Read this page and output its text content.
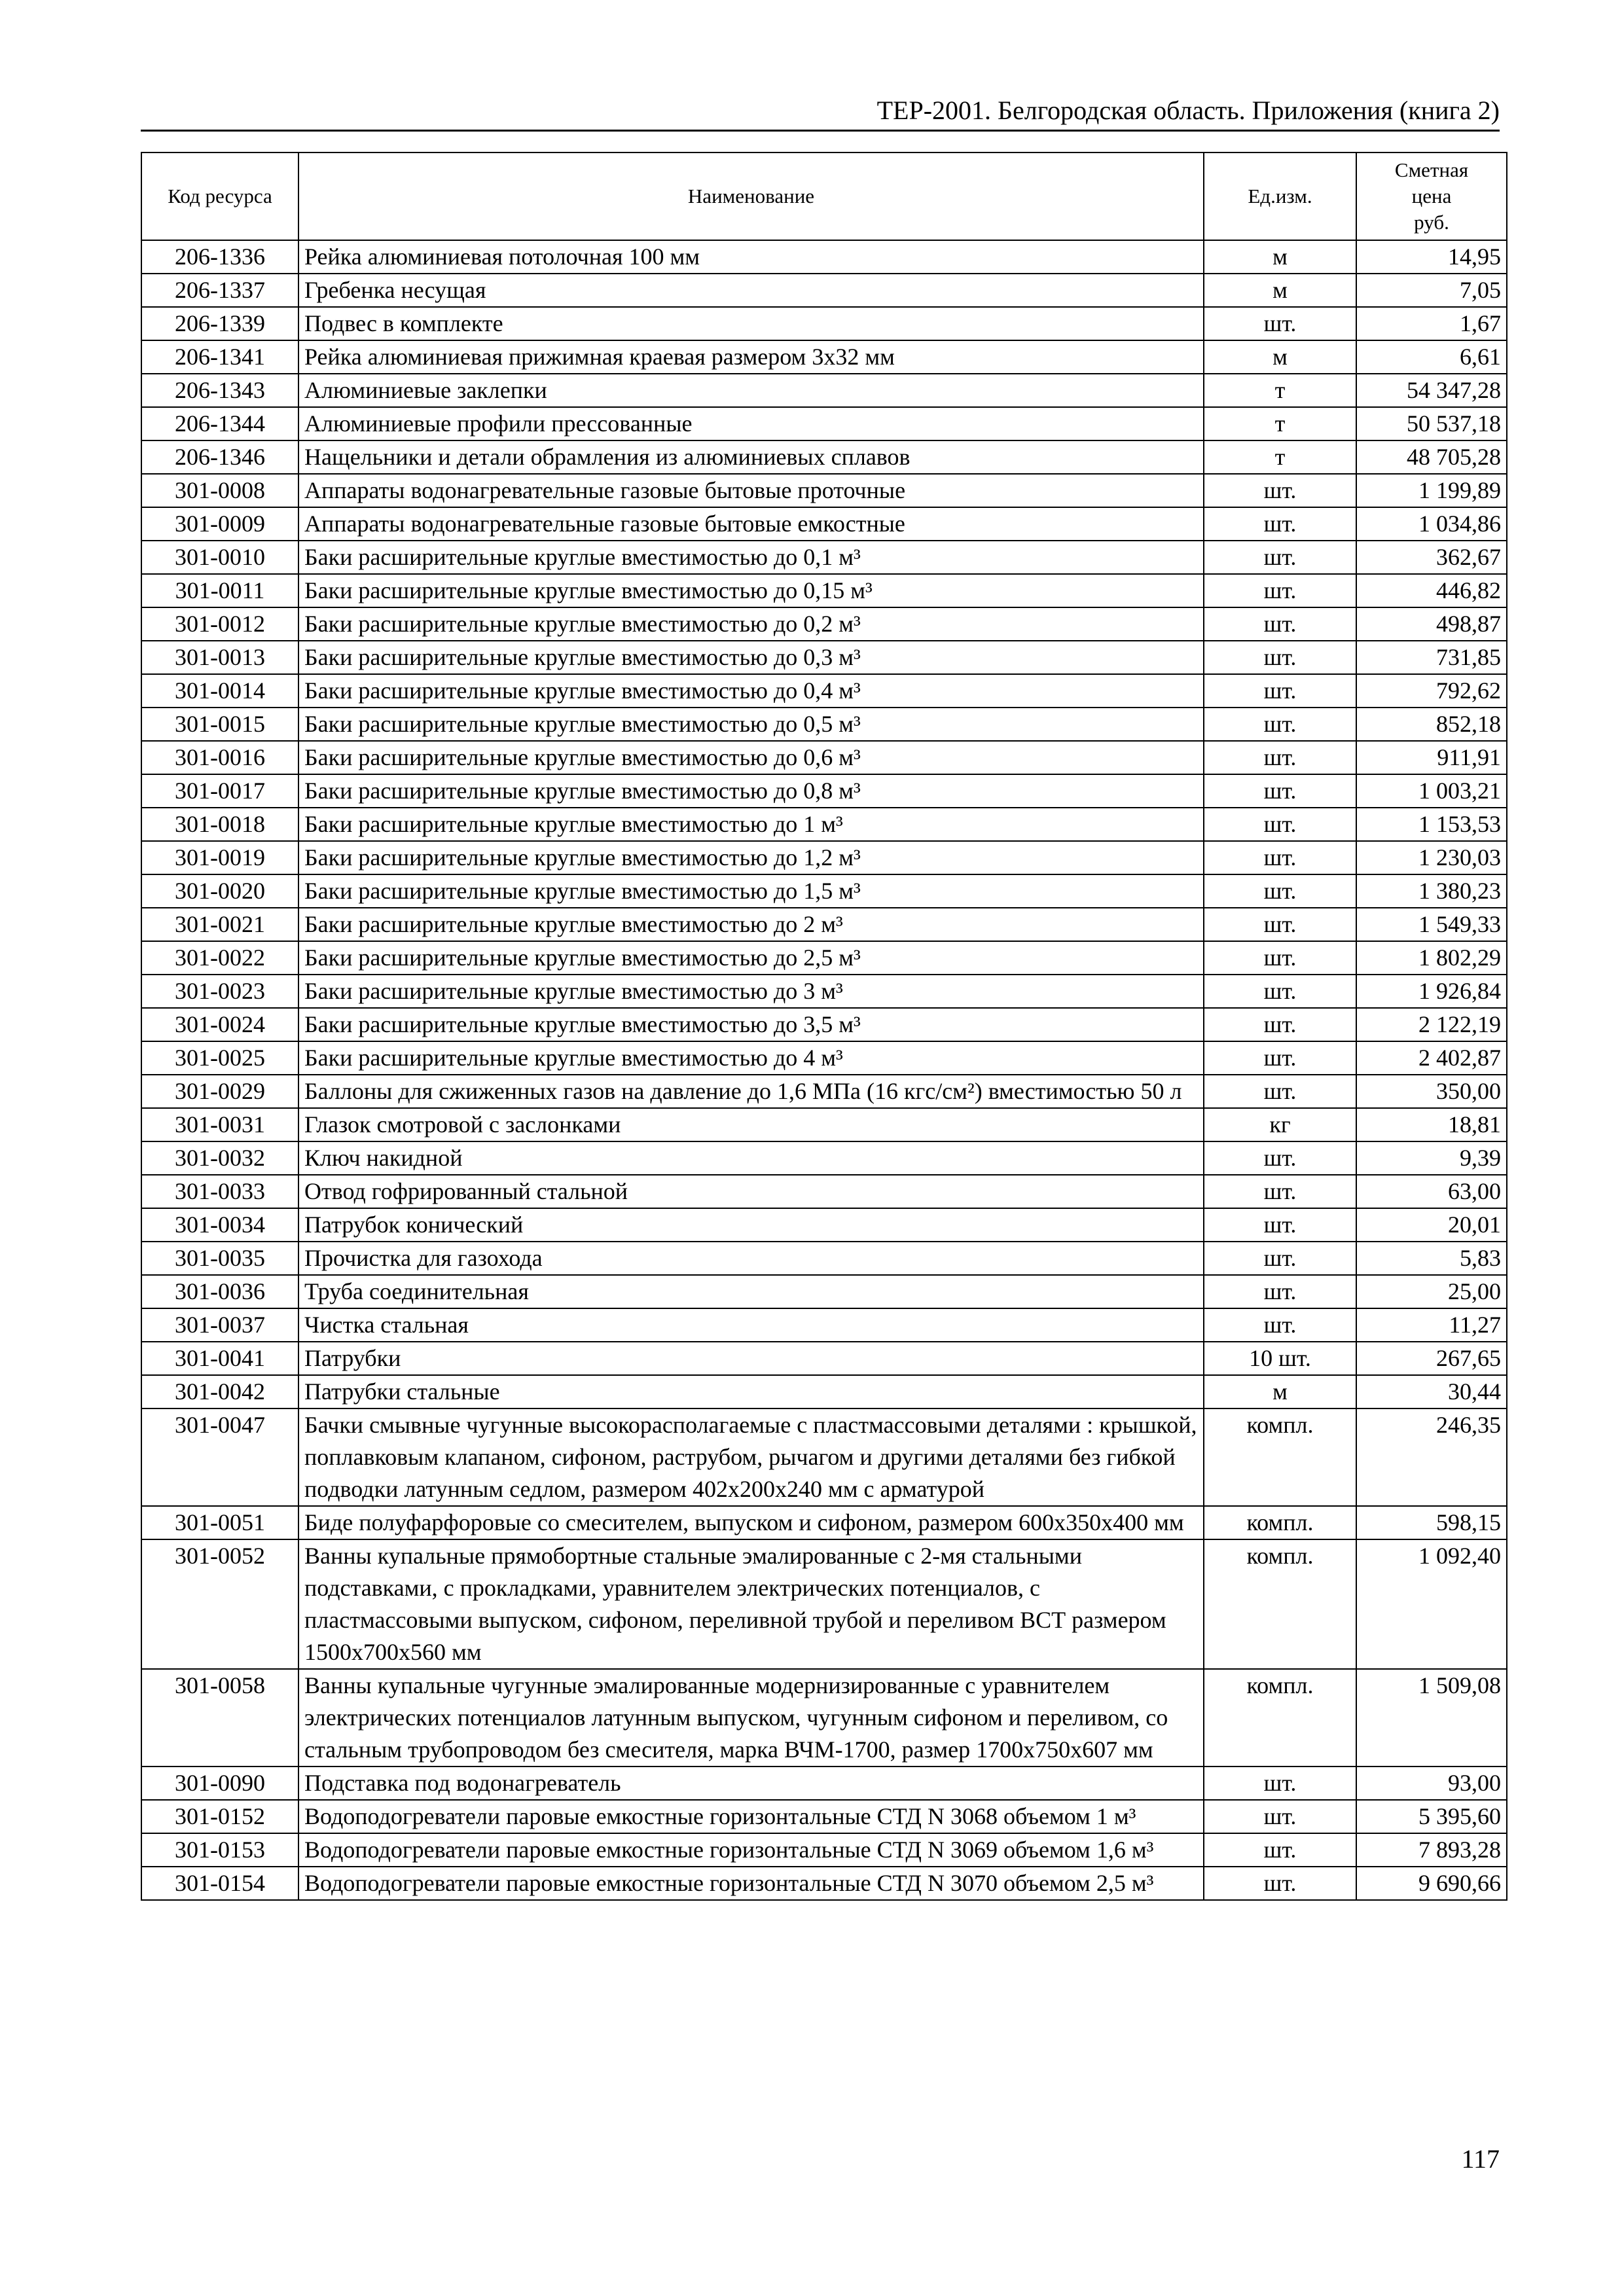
ТЕР-2001. Белгородская область. Приложения (книга 2)
Код ресурса	Наименование	Ед.изм.	Сметная
цена
руб.

206-1336	Рейка алюминиевая потолочная 100 мм	м	14,95
206-1337	Гребенка несущая	м	7,05
206-1339	Подвес в комплекте	шт.	1,67
206-1341	Рейка алюминиевая прижимная краевая размером 3х32 мм	м	6,61
206-1343	Алюминиевые заклепки	т	54 347,28
206-1344	Алюминиевые профили прессованные	т	50 537,18
206-1346	Нащельники и детали обрамления из алюминиевых сплавов	т	48 705,28
301-0008	Аппараты водонагревательные газовые бытовые проточные	шт.	1 199,89
301-0009	Аппараты водонагревательные газовые бытовые емкостные	шт.	1 034,86
301-0010	Баки расширительные круглые вместимостью до 0,1 м³	шт.	362,67
301-0011	Баки расширительные круглые вместимостью до 0,15 м³	шт.	446,82
301-0012	Баки расширительные круглые вместимостью до 0,2 м³	шт.	498,87
301-0013	Баки расширительные круглые вместимостью до 0,3 м³	шт.	731,85
301-0014	Баки расширительные круглые вместимостью до 0,4 м³	шт.	792,62
301-0015	Баки расширительные круглые вместимостью до 0,5 м³	шт.	852,18
301-0016	Баки расширительные круглые вместимостью до 0,6 м³	шт.	911,91
301-0017	Баки расширительные круглые вместимостью до 0,8 м³	шт.	1 003,21
301-0018	Баки расширительные круглые вместимостью до 1 м³	шт.	1 153,53
301-0019	Баки расширительные круглые вместимостью до 1,2 м³	шт.	1 230,03
301-0020	Баки расширительные круглые вместимостью до 1,5 м³	шт.	1 380,23
301-0021	Баки расширительные круглые вместимостью до 2 м³	шт.	1 549,33
301-0022	Баки расширительные круглые вместимостью до 2,5 м³	шт.	1 802,29
301-0023	Баки расширительные круглые вместимостью до 3 м³	шт.	1 926,84
301-0024	Баки расширительные круглые вместимостью до 3,5 м³	шт.	2 122,19
301-0025	Баки расширительные круглые вместимостью до 4 м³	шт.	2 402,87
301-0029	Баллоны для сжиженных газов на давление до 1,6 МПа (16 кгс/см²) вместимостью 50 л	шт.	350,00
301-0031	Глазок смотровой с заслонками	кг	18,81
301-0032	Ключ накидной	шт.	9,39
301-0033	Отвод гофрированный стальной	шт.	63,00
301-0034	Патрубок конический	шт.	20,01
301-0035	Прочистка для газохода	шт.	5,83
301-0036	Труба соединительная	шт.	25,00
301-0037	Чистка стальная	шт.	11,27
301-0041	Патрубки	10 шт.	267,65
301-0042	Патрубки стальные	м	30,44
301-0047	Бачки смывные чугунные высокорасполагаемые с пластмассовыми деталями : крышкой, поплавковым клапаном, сифоном, раструбом, рычагом и другими деталями без гибкой подводки латунным седлом, размером 402х200х240 мм с арматурой	компл.	246,35
301-0051	Биде полуфарфоровые со смесителем, выпуском и сифоном, размером 600х350х400 мм	компл.	598,15
301-0052	Ванны купальные прямобортные стальные эмалированные с 2-мя стальными подставками, с прокладками, уравнителем электрических потенциалов, с пластмассовыми выпуском, сифоном, переливной трубой и переливом ВСТ размером 1500х700х560 мм	компл.	1 092,40
301-0058	Ванны купальные чугунные эмалированные модернизированные с уравнителем электрических потенциалов латунным выпуском, чугунным сифоном и переливом, со стальным трубопроводом без смесителя, марка ВЧМ-1700, размер 1700х750х607 мм	компл.	1 509,08
301-0090	Подставка под водонагреватель	шт.	93,00
301-0152	Водоподогреватели паровые емкостные горизонтальные СТД N 3068 объемом 1 м³	шт.	5 395,60
301-0153	Водоподогреватели паровые емкостные горизонтальные СТД N 3069 объемом 1,6 м³	шт.	7 893,28
301-0154	Водоподогреватели паровые емкостные горизонтальные СТД N 3070 объемом 2,5 м³	шт.	9 690,66
117
